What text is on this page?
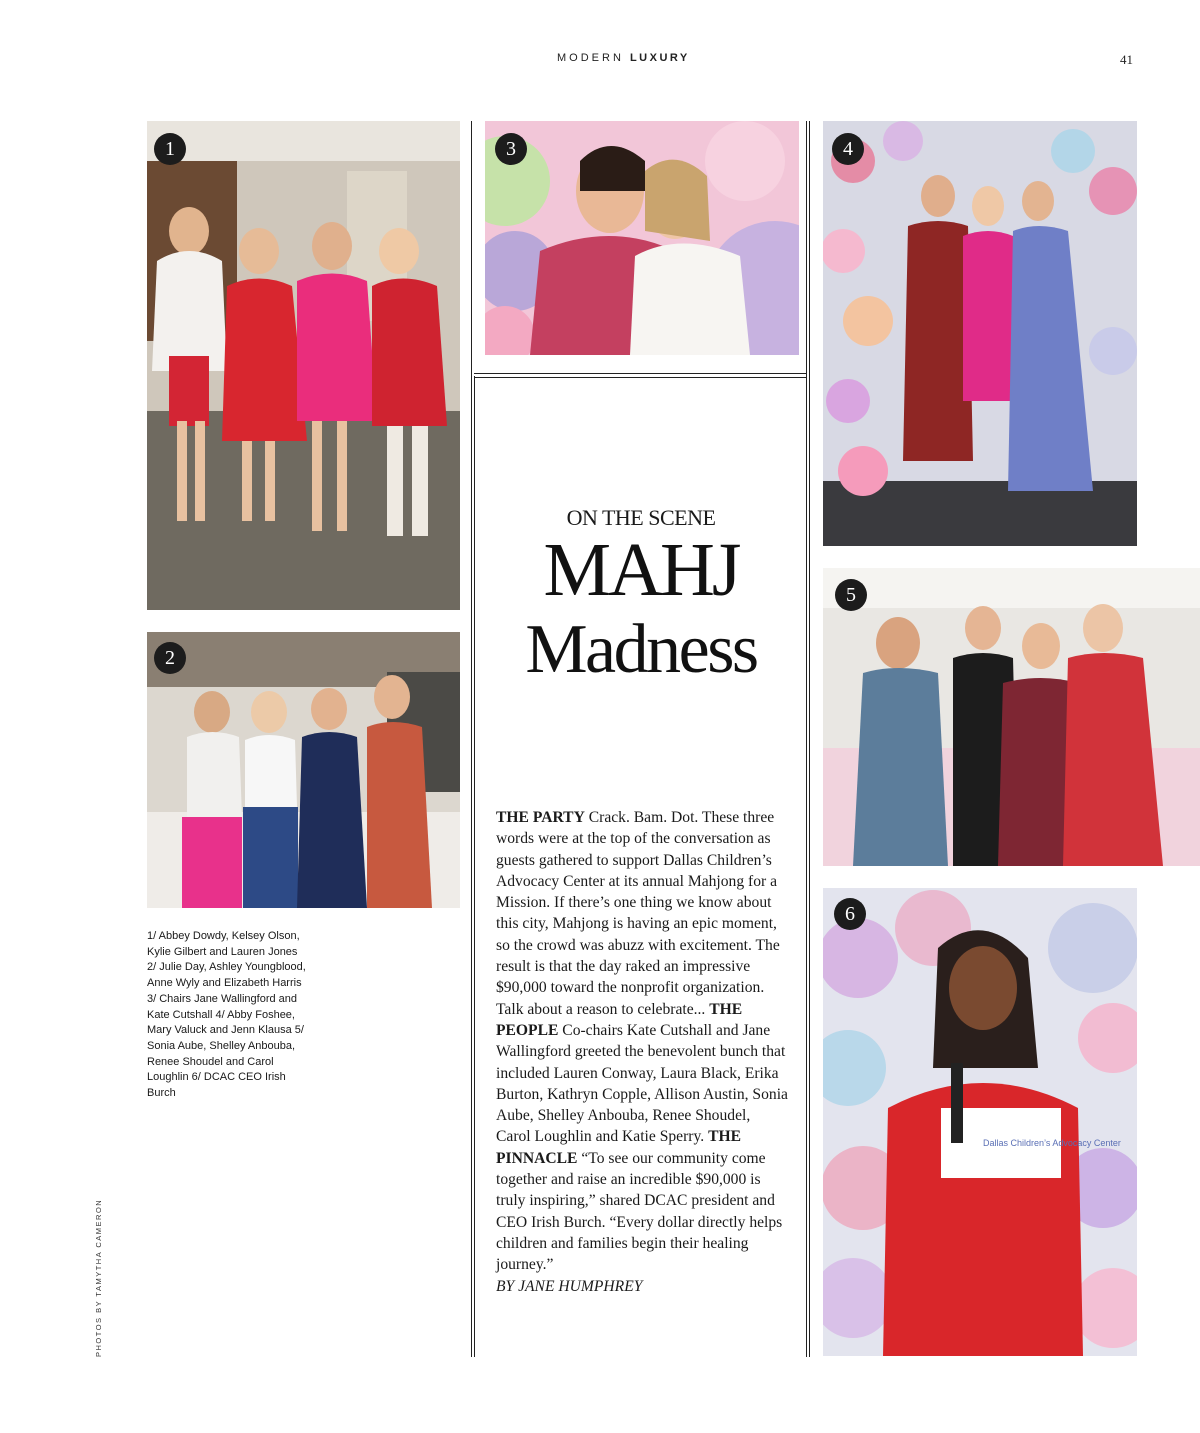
MODERN LUXURY	41
1
2
3	4
5
Dallas Children’s Advocacy Center
6
ON THE SCENE
MAHJ
Madness
THE PARTY Crack. Bam. Dot. These three words were at the top of the conversation as guests gathered to support Dallas Children’s Advocacy Center at its annual Mahjong for a Mission. If there’s one thing we know about this city, Mahjong is having an epic moment, so the crowd was abuzz with excitement. The result is that the day raked an impressive $90,000 toward the nonprofit organization. Talk about a reason to celebrate... THE PEOPLE Co-chairs Kate Cutshall and Jane Wallingford greeted the benevolent bunch that included Lauren Conway, Laura Black, Erika Burton, Kathryn Copple, Allison Austin, Sonia Aube, Shelley Anbouba, Renee Shoudel, Carol Loughlin and Katie Sperry. THE PINNACLE “To see our community come together and raise an incredible $90,000 is truly inspiring,” shared DCAC president and CEO Irish Burch. “Every dollar directly helps children and families begin their healing journey.”
BY JANE HUMPHREY
1/ Abbey Dowdy, Kelsey Olson, Kylie Gilbert and Lauren Jones 2/ Julie Day, Ashley Youngblood, Anne Wyly and Elizabeth Harris 3/ Chairs Jane Wallingford and Kate Cutshall 4/ Abby Foshee, Mary Valuck and Jenn Klausa 5/ Sonia Aube, Shelley Anbouba, Renee Shoudel and Carol Loughlin 6/ DCAC CEO Irish Burch
PHOTOS BY TAMYTHA CAMERON
